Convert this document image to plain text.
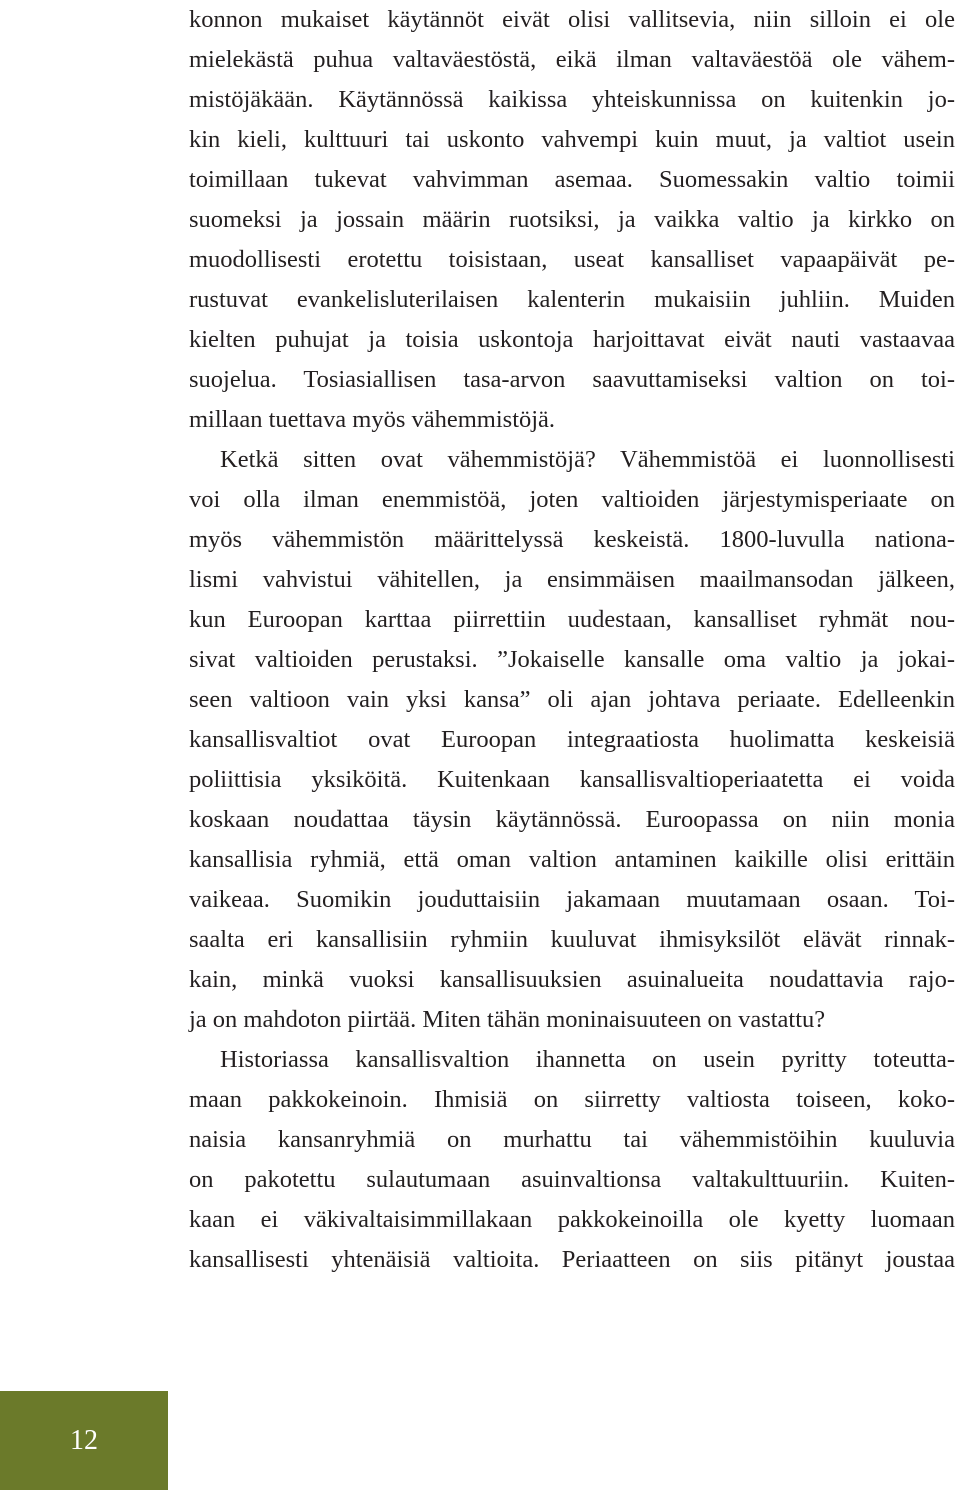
konnon mukaiset käytännöt eivät olisi vallitsevia, niin silloin ei ole
mielekästä puhua valtaväestöstä, eikä ilman valtaväestöä ole vähem-
mistöjäkään. Käytännössä kaikissa yhteiskunnissa on kuitenkin jo-
kin kieli, kulttuuri tai uskonto vahvempi kuin muut, ja valtiot usein
toimillaan tukevat vahvimman asemaa. Suomessakin valtio toimii
suomeksi ja jossain määrin ruotsiksi, ja vaikka valtio ja kirkko on
muodollisesti erotettu toisistaan, useat kansalliset vapaapäivät pe-
rustuvat evankelisluterilaisen kalenterin mukaisiin juhliin. Muiden
kielten puhujat ja toisia uskontoja harjoittavat eivät nauti vastaavaa
suojelua. Tosiasiallisen tasa-arvon saavuttamiseksi valtion on toi-
millaan tuettava myös vähemmistöjä.
Ketkä sitten ovat vähemmistöjä? Vähemmistöä ei luonnollisesti
voi olla ilman enemmistöä, joten valtioiden järjestymisperiaate on
myös vähemmistön määrittelyssä keskeistä. 1800-luvulla nationa-
lismi vahvistui vähitellen, ja ensimmäisen maailmansodan jälkeen,
kun Euroopan karttaa piirrettiin uudestaan, kansalliset ryhmät nou-
sivat valtioiden perustaksi. ”Jokaiselle kansalle oma valtio ja jokai-
seen valtioon vain yksi kansa” oli ajan johtava periaate. Edelleenkin
kansallisvaltiot ovat Euroopan integraatiosta huolimatta keskeisiä
poliittisia yksiköitä. Kuitenkaan kansallisvaltioperiaatetta ei voida
koskaan noudattaa täysin käytännössä. Euroopassa on niin monia
kansallisia ryhmiä, että oman valtion antaminen kaikille olisi erittäin
vaikeaa. Suomikin jouduttaisiin jakamaan muutamaan osaan. Toi-
saalta eri kansallisiin ryhmiin kuuluvat ihmisyksilöt elävät rinnak-
kain, minkä vuoksi kansallisuuksien asuinalueita noudattavia rajo-
ja on mahdoton piirtää. Miten tähän moninaisuuteen on vastattu?
Historiassa kansallisvaltion ihannetta on usein pyritty toteutta-
maan pakkokeinoin. Ihmisiä on siirretty valtiosta toiseen, koko-
naisia kansanryhmiä on murhattu tai vähemmistöihin kuuluvia
on pakotettu sulautumaan asuinvaltionsa valtakulttuuriin. Kuiten-
kaan ei väkivaltaisimmillakaan pakkokeinoilla ole kyetty luomaan
kansallisesti yhtenäisiä valtioita. Periaatteen on siis pitänyt joustaa
12
